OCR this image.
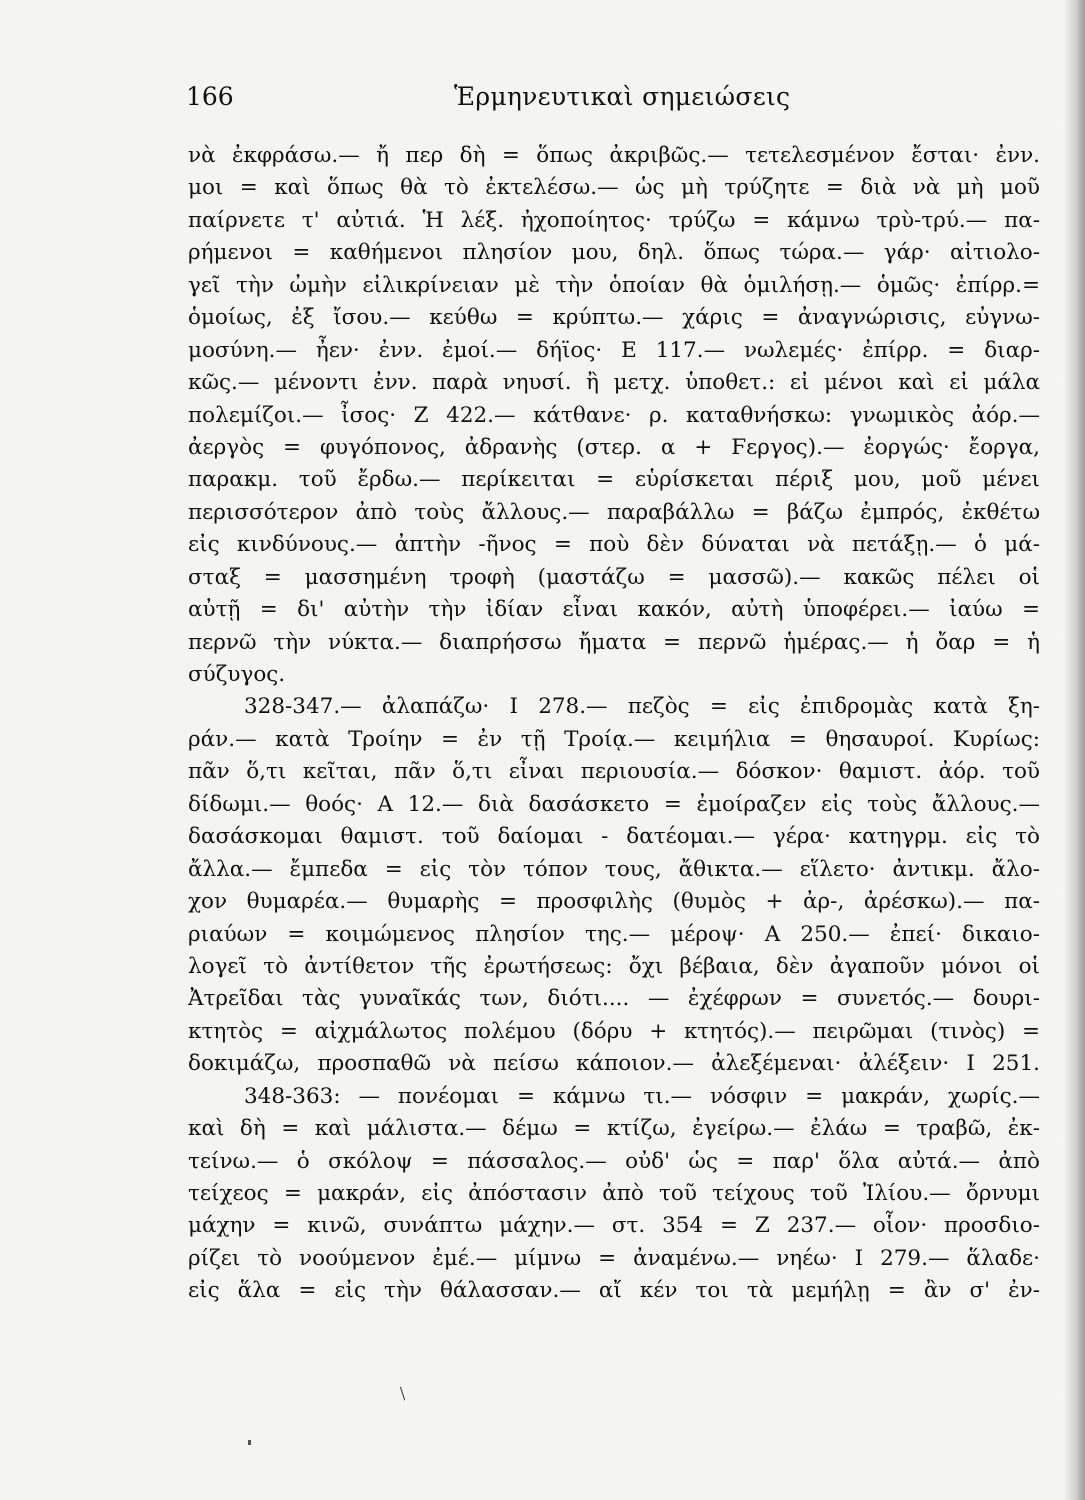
166	Ἑρμηνευτικαὶ σημειώσεις
νὰ ἐκφράσω.— ἤ περ δὴ = ὅπως ἀκριβῶς.— τετελεσμένον ἔσται· ἐνν.
μοι = καὶ ὅπως θὰ τὸ ἐκτελέσω.— ὡς μὴ τρύζητε = διὰ νὰ μὴ μοῦ
παίρνετε τ' αὐτιά. Ἡ λέξ. ἠχοποίητος· τρύζω = κάμνω τρὺ-τρύ.— πα-
ρήμενοι = καθήμενοι πλησίον μου, δηλ. ὅπως τώρα.— γάρ· αἰτιολο-
γεῖ τὴν ὠμὴν εἰλικρίνειαν μὲ τὴν ὁποίαν θὰ ὁμιλήσῃ.— ὁμῶς· ἐπίρρ.=
ὁμοίως, ἐξ ἴσου.— κεύθω = κρύπτω.— χάρις = ἀναγνώρισις, εὐγνω-
μοσύνη.— ἦεν· ἐνν. ἐμοί.— δήϊος· Ε 117.— νωλεμές· ἐπίρρ. = διαρ-
κῶς.— μένοντι ἐνν. παρὰ νηυσί. ἢ μετχ. ὑποθετ.: εἰ μένοι καὶ εἰ μάλα
πολεμίζοι.— ἶσος· Ζ 422.— κάτθανε· ρ. καταθνήσκω: γνωμικὸς ἀόρ.—
ἀεργὸς = φυγόπονος, ἀδρανὴς (στερ. α + Ϝεργος).— ἐοργώς· ἔοργα,
παρακμ. τοῦ ἔρδω.— περίκειται = εὑρίσκεται πέριξ μου, μοῦ μένει
περισσότερον ἀπὸ τοὺς ἄλλους.— παραβάλλω = βάζω ἐμπρός, ἐκθέτω
εἰς κινδύνους.— ἀπτὴν -ῆνος = ποὺ δὲν δύναται νὰ πετάξῃ.— ὁ μά-
σταξ = μασσημένη τροφὴ (μαστάζω = μασσῶ).— κακῶς πέλει οἱ
αὐτῇ = δι' αὐτὴν τὴν ἰδίαν εἶναι κακόν, αὐτὴ ὑποφέρει.— ἰαύω =
περνῶ τὴν νύκτα.— διαπρήσσω ἤματα = περνῶ ἡμέρας.— ἡ ὄαρ = ἡ
σύζυγος.
328-347.— ἀλαπάζω· Ι 278.— πεζὸς = εἰς ἐπιδρομὰς κατὰ ξη-
ράν.— κατὰ Τροίην = ἐν τῇ Τροίᾳ.— κειμήλια = θησαυροί. Κυρίως:
πᾶν ὅ,τι κεῖται, πᾶν ὅ,τι εἶναι περιουσία.— δόσκον· θαμιστ. ἀόρ. τοῦ
δίδωμι.— θοός· Α 12.— διὰ δασάσκετο = ἐμοίραζεν εἰς τοὺς ἄλλους.—
δασάσκομαι θαμιστ. τοῦ δαίομαι - δατέομαι.— γέρα· κατηγρμ. εἰς τὸ
ἄλλα.— ἔμπεδα = εἰς τὸν τόπον τους, ἄθικτα.— εἵλετο· ἀντικμ. ἄλο-
χον θυμαρέα.— θυμαρὴς = προσφιλὴς (θυμὸς + ἀρ-, ἀρέσκω).— πα-
ριαύων = κοιμώμενος πλησίον της.— μέροψ· Α 250.— ἐπεί· δικαιο-
λογεῖ τὸ ἀντίθετον τῆς ἐρωτήσεως: ὄχι βέβαια, δὲν ἀγαποῦν μόνοι οἱ
Ἀτρεῖδαι τὰς γυναῖκάς των, διότι.... — ἐχέφρων = συνετός.— δουρι-
κτητὸς = αἰχμάλωτος πολέμου (δόρυ + κτητός).— πειρῶμαι (τινὸς) =
δοκιμάζω, προσπαθῶ νὰ πείσω κάποιον.— ἀλεξέμεναι· ἀλέξειν· Ι 251.
348-363: — πονέομαι = κάμνω τι.— νόσφιν = μακράν, χωρίς.—
καὶ δὴ = καὶ μάλιστα.— δέμω = κτίζω, ἐγείρω.— ἐλάω = τραβῶ, ἐκ-
τείνω.— ὁ σκόλοψ = πάσσαλος.— οὐδ' ὡς = παρ' ὅλα αὐτά.— ἀπὸ
τείχεος = μακράν, εἰς ἀπόστασιν ἀπὸ τοῦ τείχους τοῦ Ἰλίου.— ὄρνυμι
μάχην = κινῶ, συνάπτω μάχην.— στ. 354 = Ζ 237.— οἷον· προσδιο-
ρίζει τὸ νοούμενον ἐμέ.— μίμνω = ἀναμένω.— νηέω· Ι 279.— ἅλαδε·
εἰς ἅλα = εἰς τὴν θάλασσαν.— αἴ κέν τοι τὰ μεμήλῃ = ἂν σ' ἐν-
